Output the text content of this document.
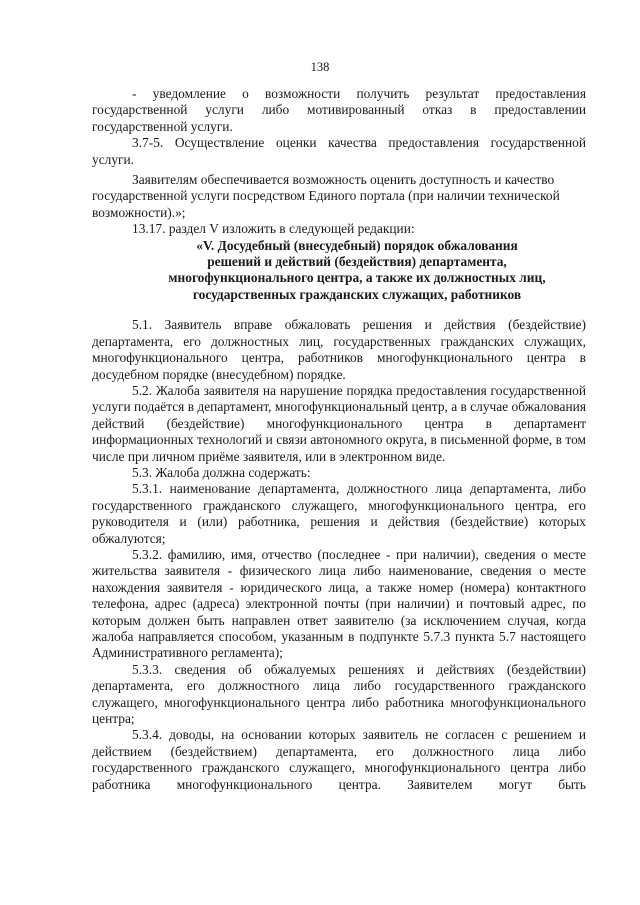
138

- уведомление о возможности получить результат предоставления государственной услуги либо мотивированный отказ в предоставлении государственной услуги.

3.7-5. Осуществление оценки качества предоставления государственной услуги.

Заявителям обеспечивается возможность оценить доступность и качество государственной услуги посредством Единого портала (при наличии технической возможности).»;

13.17. раздел V изложить в следующей редакции:

«V. Досудебный (внесудебный) порядок обжалования

решений и действий (бездействия) департамента,

многофункционального центра, а также их должностных лиц,

государственных гражданских служащих, работников

5.1. Заявитель вправе обжаловать решения и действия (бездействие) департамента, его должностных лиц, государственных гражданских служащих, многофункционального центра, работников многофункционального центра в досудебном порядке (внесудебном) порядке.

5.2. Жалоба заявителя на нарушение порядка предоставления государственной услуги подаётся в департамент, многофункциональный центр, а в случае обжалования действий (бездействие) многофункционального центра в департамент информационных технологий и связи автономного округа, в письменной форме, в том числе при личном приёме заявителя, или в электронном виде.

5.3. Жалоба должна содержать:

5.3.1. наименование департамента, должностного лица департамента, либо государственного гражданского служащего, многофункционального центра, его руководителя и (или) работника, решения и действия (бездействие) которых обжалуются;

5.3.2. фамилию, имя, отчество (последнее - при наличии), сведения о месте жительства заявителя - физического лица либо наименование, сведения о месте нахождения заявителя - юридического лица, а также номер (номера) контактного телефона, адрес (адреса) электронной почты (при наличии) и почтовый адрес, по которым должен быть направлен ответ заявителю (за исключением случая, когда жалоба направляется способом, указанным в подпункте 5.7.3 пункта 5.7 настоящего Административного регламента);

5.3.3. сведения об обжалуемых решениях и действиях (бездействии) департамента, его должностного лица либо государственного гражданского служащего, многофункционального центра либо работника многофункционального центра;

5.3.4. доводы, на основании которых заявитель не согласен с решением и действием (бездействием) департамента, его должностного лица либо государственного гражданского служащего, многофункционального центра либо работника многофункционального центра. Заявителем могут быть
